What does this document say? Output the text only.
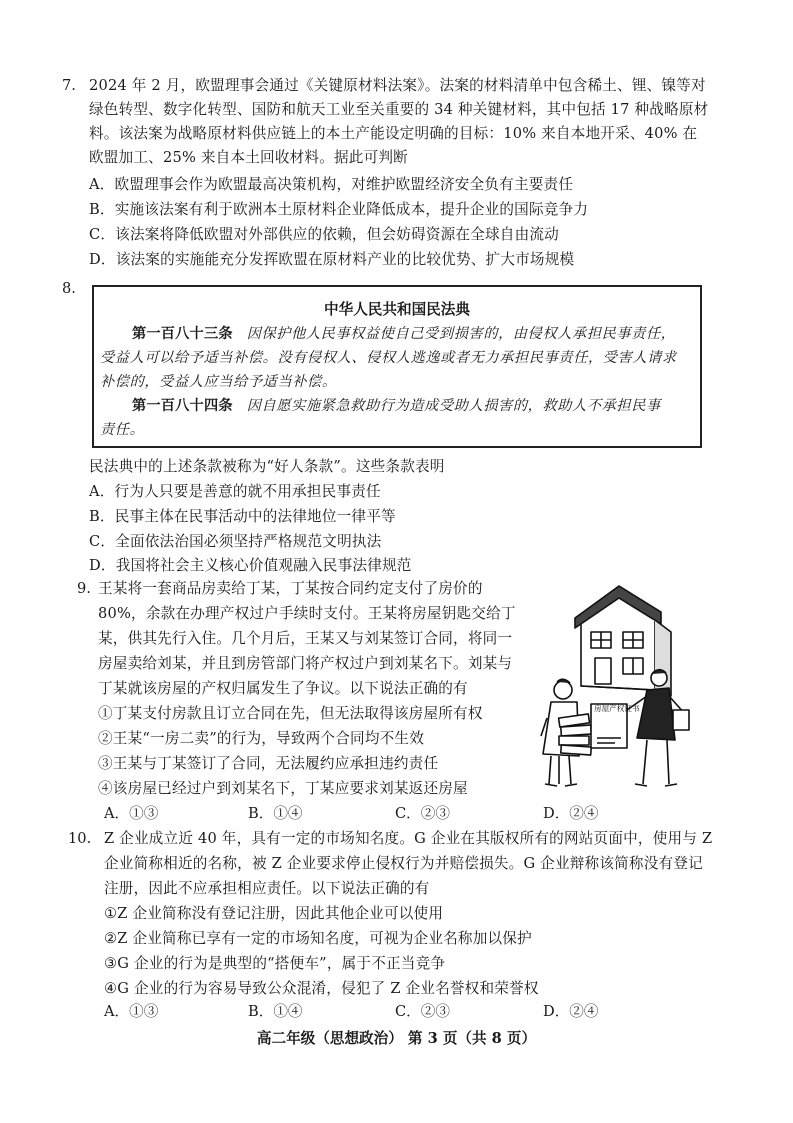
7. 2024 年 2 月，欧盟理事会通过《关键原材料法案》。法案的材料清单中包含稀土、锂、镍等对
绿色转型、数字化转型、国防和航天工业至关重要的 34 种关键材料，其中包括 17 种战略原材
料。该法案为战略原材料供应链上的本土产能设定明确的目标：10% 来自本地开采、40% 在
欧盟加工、25% 来自本土回收材料。据此可判断
A．欧盟理事会作为欧盟最高决策机构，对维护欧盟经济安全负有主要责任
B．实施该法案有利于欧洲本土原材料企业降低成本，提升企业的国际竞争力
C．该法案将降低欧盟对外部供应的依赖，但会妨碍资源在全球自由流动
D．该法案的实施能充分发挥欧盟在原材料产业的比较优势、扩大市场规模
8.
中华人民共和国民法典
第一百八十三条 因保护他人民事权益使自己受到损害的，由侵权人承担民事责任，
受益人可以给予适当补偿。没有侵权人、侵权人逃逸或者无力承担民事责任，受害人请求
补偿的，受益人应当给予适当补偿。
第一百八十四条 因自愿实施紧急救助行为造成受助人损害的，救助人不承担民事
责任。
民法典中的上述条款被称为“好人条款”。这些条款表明
A．行为人只要是善意的就不用承担民事责任
B．民事主体在民事活动中的法律地位一律平等
C．全面依法治国必须坚持严格规范文明执法
D．我国将社会主义核心价值观融入民事法律规范
9. 王某将一套商品房卖给丁某，丁某按合同约定支付了房价的
80%，余款在办理产权过户手续时支付。王某将房屋钥匙交给丁
某，供其先行入住。几个月后，王某又与刘某签订合同，将同一
房屋卖给刘某，并且到房管部门将产权过户到刘某名下。刘某与
丁某就该房屋的产权归属发生了争议。以下说法正确的有
①丁某支付房款且订立合同在先，但无法取得该房屋所有权
②王某“一房二卖”的行为，导致两个合同均不生效
③王某与丁某签订了合同，无法履约应承担违约责任
④该房屋已经过户到刘某名下，丁某应要求刘某返还房屋
A．①③	B．①④	C．②③	D．②④
房屋产权证书
10. Z 企业成立近 40 年，具有一定的市场知名度。G 企业在其版权所有的网站页面中，使用与 Z
企业简称相近的名称，被 Z 企业要求停止侵权行为并赔偿损失。G 企业辩称该简称没有登记
注册，因此不应承担相应责任。以下说法正确的有
①Z 企业简称没有登记注册，因此其他企业可以使用
②Z 企业简称已享有一定的市场知名度，可视为企业名称加以保护
③G 企业的行为是典型的“搭便车”，属于不正当竞争
④G 企业的行为容易导致公众混淆，侵犯了 Z 企业名誉权和荣誉权
A．①③	B．①④	C．②③	D．②④
高二年级（思想政治） 第 3 页（共 8 页）
